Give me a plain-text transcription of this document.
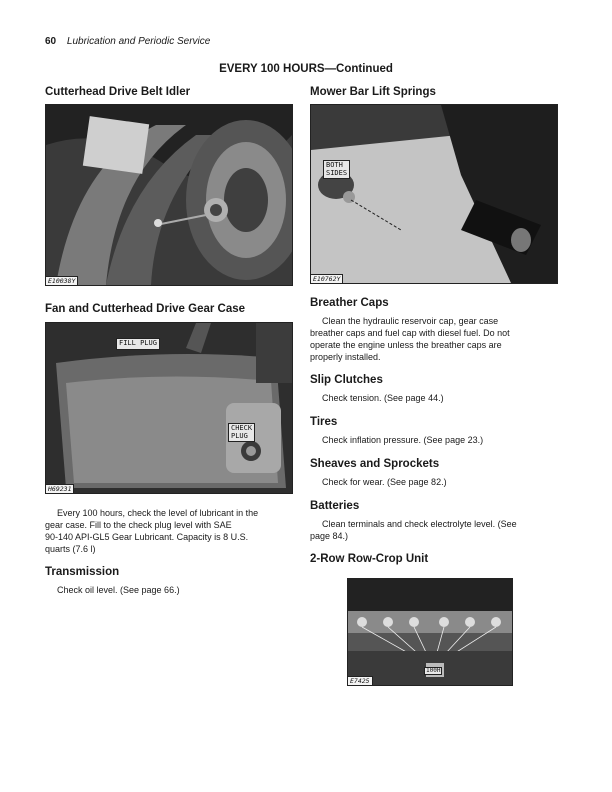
60 Lubrication and Periodic Service
EVERY 100 HOURS—Continued
Cutterhead Drive Belt Idler
E10038Y
Fan and Cutterhead Drive Gear Case
FILL PLUG
CHECK
PLUG
H69231

Every 100 hours, check the level of lubricant in the

gear case. Fill to the check plug level with SAE

90-140 API-GL5 Gear Lubricant. Capacity is 8 U.S.

quarts (7.6 l)

Transmission

Check oil level. (See page 66.)

Mower Bar Lift Springs
BOTH
SIDES
E10762Y
Breather Caps

Clean the hydraulic reservoir cap, gear case

breather caps and fuel cap with diesel fuel. Do not

operate the engine unless the breather caps are

properly installed.

Slip Clutches

Check tension. (See page 44.)

Tires

Check inflation pressure. (See page 23.)

Sheaves and Sprockets

Check for wear. (See page 82.)

Batteries

Clean terminals and check electrolyte level. (See

page 84.)

2-Row Row-Crop Unit
100H
E7425
